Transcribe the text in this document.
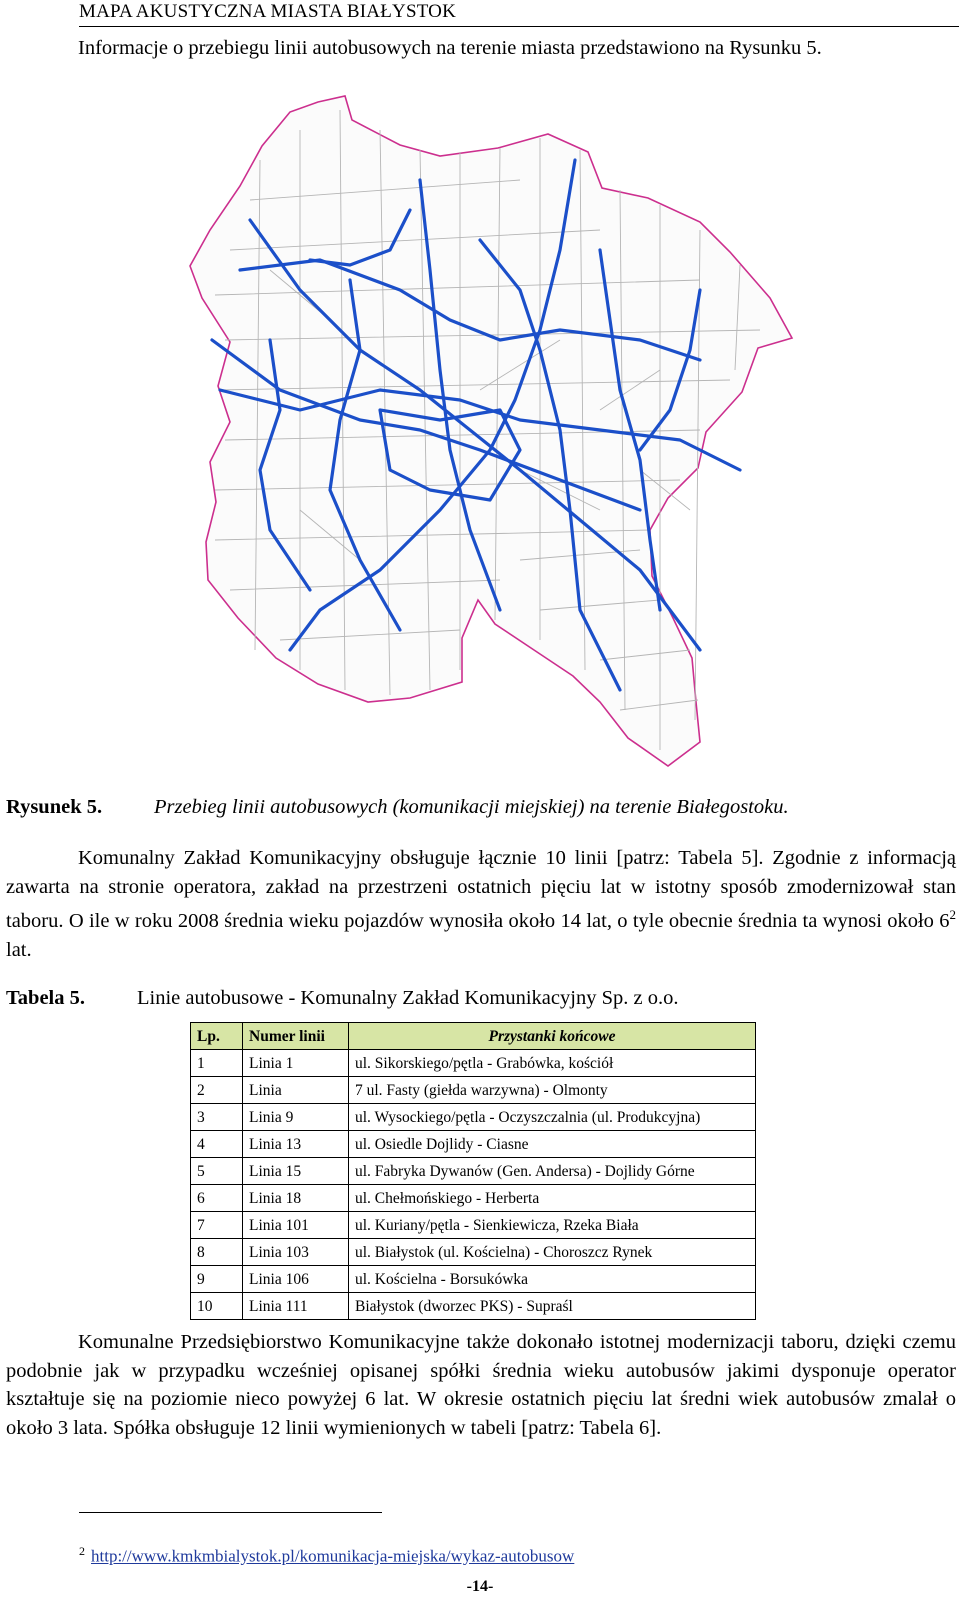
MAPA AKUSTYCZNA MIASTA BIAŁYSTOK

Informacje o przebiegu linii autobusowych na terenie miasta przedstawiono na Rysunku 5.

Rysunek 5.	Przebieg linii autobusowych (komunikacji miejskiej) na terenie Białegostoku.

Komunalny Zakład Komunikacyjny obsługuje łącznie 10 linii [patrz: Tabela 5]. Zgodnie z informacją zawarta na stronie operatora, zakład na przestrzeni ostatnich pięciu lat w istotny sposób zmodernizował stan taboru. O ile w roku 2008 średnia wieku pojazdów wynosiła około 14 lat, o tyle obecnie średnia ta wynosi około $6^2$ lat.

Tabela 5.	Linie autobusowe - Komunalny Zakład Komunikacyjny Sp. z o.o.
Lp.	Numer linii	Przystanki końcowe
1	Linia 1	ul. Sikorskiego/pętla - Grabówka, kościół
2	Linia	7 ul. Fasty (giełda warzywna) - Olmonty
3	Linia 9	ul. Wysockiego/pętla - Oczyszczalnia (ul. Produkcyjna)
4	Linia 13	ul. Osiedle Dojlidy - Ciasne
5	Linia 15	ul. Fabryka Dywanów (Gen. Andersa) - Dojlidy Górne
6	Linia 18	ul. Chełmońskiego - Herberta
7	Linia 101	ul. Kuriany/pętla - Sienkiewicza, Rzeka Biała
8	Linia 103	ul. Białystok (ul. Kościelna) - Choroszcz Rynek
9	Linia 106	ul. Kościelna - Borsukówka
10	Linia 111	Białystok (dworzec PKS) - Supraśl

Komunalne Przedsiębiorstwo Komunikacyjne także dokonało istotnej modernizacji taboru, dzięki czemu podobnie jak w przypadku wcześniej opisanej spółki średnia wieku autobusów jakimi dysponuje operator kształtuje się na poziomie nieco powyżej 6 lat. W okresie ostatnich pięciu lat średni wiek autobusów zmalał o około 3 lata. Spółka obsługuje 12 linii wymienionych w tabeli [patrz: Tabela 6].

$^2$ http://www.kmkmbialystok.pl/komunikacja-miejska/wykaz-autobusow
-14-
